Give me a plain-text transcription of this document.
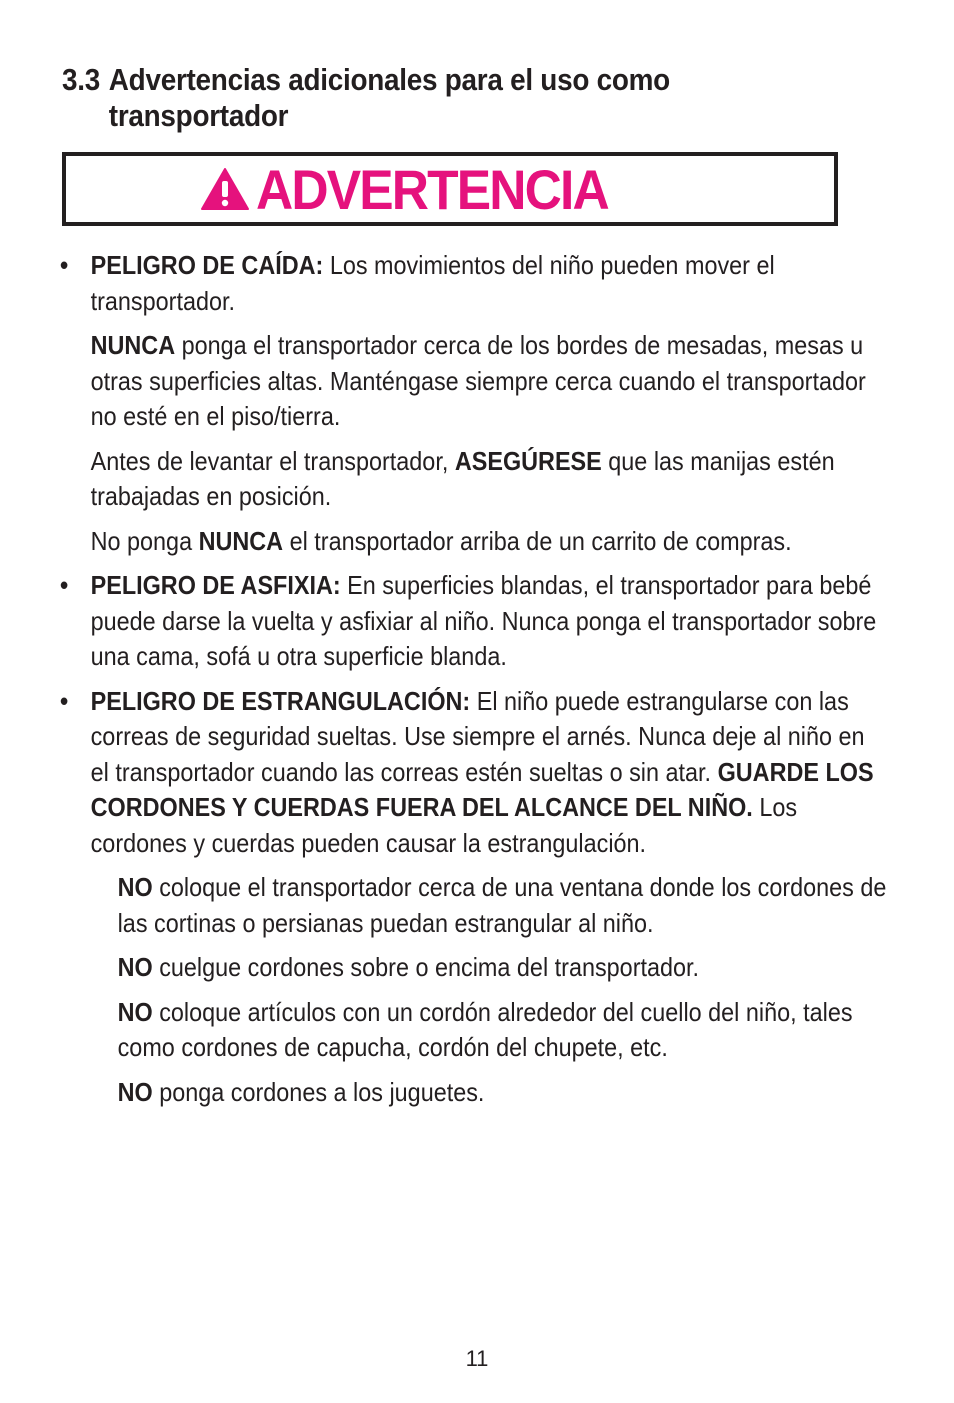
3.3 Advertencias adicionales para el uso como
transportador
ADVERTENCIA
• PELIGRO DE CAÍDA: Los movimientos del niño pueden mover el transportador.

NUNCA ponga el transportador cerca de los bordes de mesadas, mesas u otras superficies altas. Manténgase siempre cerca cuando el transportador no esté en el piso/tierra.

Antes de levantar el transportador, ASEGÚRESE que las manijas estén trabajadas en posición.

No ponga NUNCA el transportador arriba de un carrito de compras.

• PELIGRO DE ASFIXIA: En superficies blandas, el transportador para bebé puede darse la vuelta y asfixiar al niño. Nunca ponga el transportador sobre una cama, sofá u otra superficie blanda.

• PELIGRO DE ESTRANGULACIÓN: El niño puede estrangularse con las correas de seguridad sueltas. Use siempre el arnés. Nunca deje al niño en el transportador cuando las correas estén sueltas o sin atar. GUARDE LOS CORDONES Y CUERDAS FUERA DEL ALCANCE DEL NIÑO. Los cordones y cuerdas pueden causar la estrangulación.

NO coloque el transportador cerca de una ventana donde los cordones de las cortinas o persianas puedan estrangular al niño.

NO cuelgue cordones sobre o encima del transportador.

NO coloque artículos con un cordón alrededor del cuello del niño, tales como cordones de capucha, cordón del chupete, etc.

NO ponga cordones a los juguetes.

11
